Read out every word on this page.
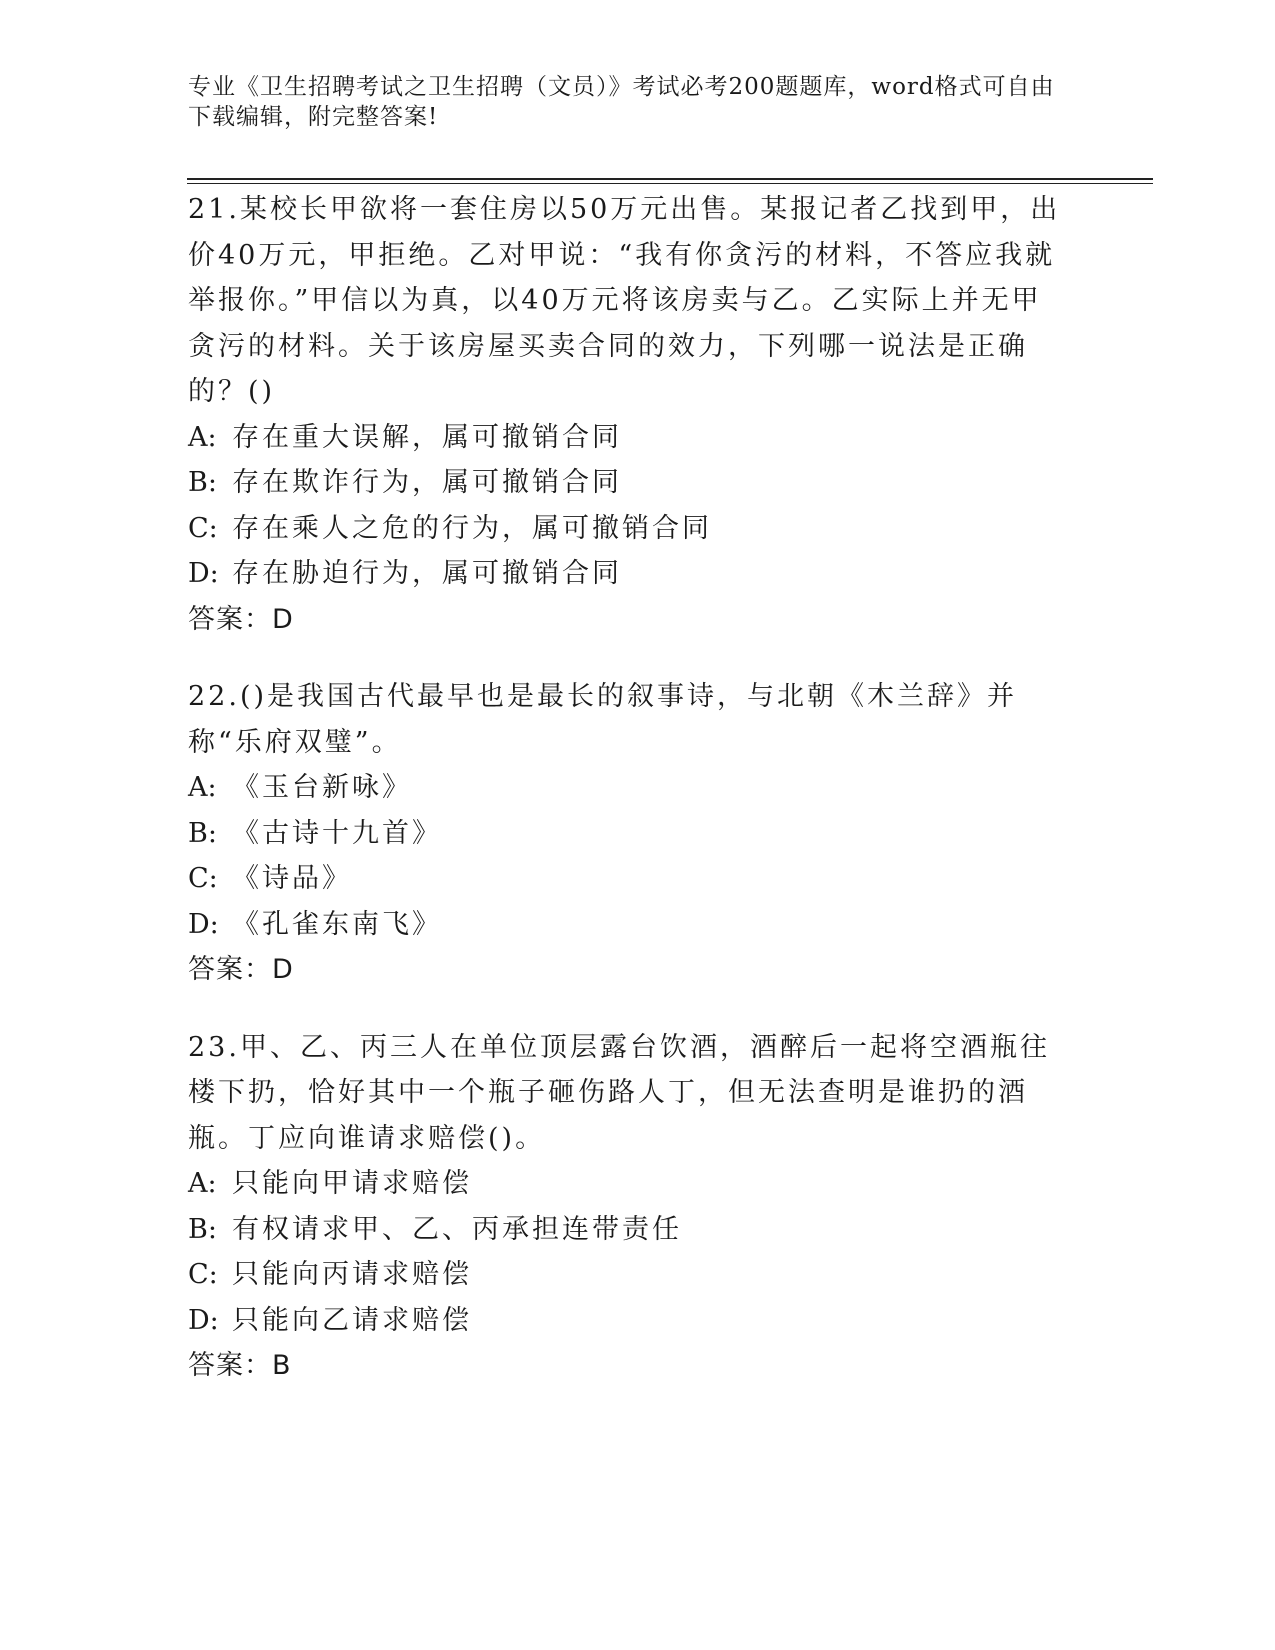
专业《卫生招聘考试之卫生招聘（文员）》考试必考200题题库，word格式可自由下载编辑，附完整答案!
21.某校长甲欲将一套住房以50万元出售。某报记者乙找到甲，出价40万元，甲拒绝。乙对甲说：“我有你贪污的材料，不答应我就举报你。”甲信以为真，以40万元将该房卖与乙。乙实际上并无甲贪污的材料。关于该房屋买卖合同的效力，下列哪一说法是正确的？()
A: 存在重大误解，属可撤销合同
B: 存在欺诈行为，属可撤销合同
C: 存在乘人之危的行为，属可撤销合同
D: 存在胁迫行为，属可撤销合同
答案：D
22.()是我国古代最早也是最长的叙事诗，与北朝《木兰辞》并称“乐府双璧”。
A: 《玉台新咏》
B: 《古诗十九首》
C: 《诗品》
D: 《孔雀东南飞》
答案：D
23.甲、乙、丙三人在单位顶层露台饮酒，酒醉后一起将空酒瓶往楼下扔，恰好其中一个瓶子砸伤路人丁，但无法查明是谁扔的酒瓶。丁应向谁请求赔偿()。
A: 只能向甲请求赔偿
B: 有权请求甲、乙、丙承担连带责任
C: 只能向丙请求赔偿
D: 只能向乙请求赔偿
答案：B
